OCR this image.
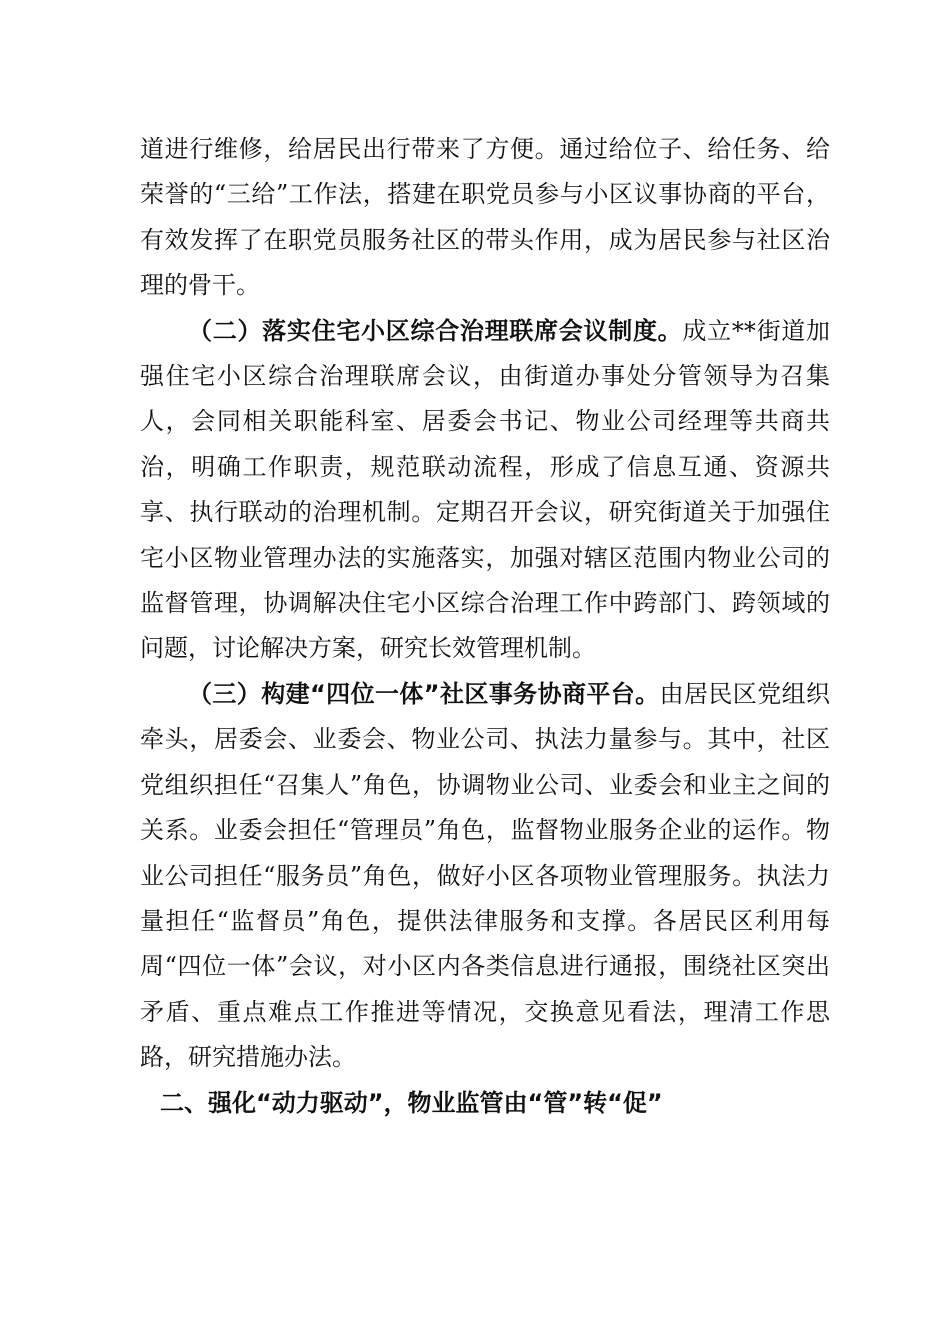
道进行维修，给居民出行带来了方便。通过给位子、给任务、给荣誉的“三给”工作法，搭建在职党员参与小区议事协商的平台，有效发挥了在职党员服务社区的带头作用，成为居民参与社区治理的骨干。

（二）落实住宅小区综合治理联席会议制度。成立**街道加强住宅小区综合治理联席会议，由街道办事处分管领导为召集人，会同相关职能科室、居委会书记、物业公司经理等共商共治，明确工作职责，规范联动流程，形成了信息互通、资源共享、执行联动的治理机制。定期召开会议，研究街道关于加强住宅小区物业管理办法的实施落实，加强对辖区范围内物业公司的监督管理，协调解决住宅小区综合治理工作中跨部门、跨领域的问题，讨论解决方案，研究长效管理机制。

（三）构建“四位一体”社区事务协商平台。由居民区党组织牵头，居委会、业委会、物业公司、执法力量参与。其中，社区党组织担任“召集人”角色，协调物业公司、业委会和业主之间的关系。业委会担任“管理员”角色，监督物业服务企业的运作。物业公司担任“服务员”角色，做好小区各项物业管理服务。执法力量担任“监督员”角色，提供法律服务和支撑。各居民区利用每周“四位一体”会议，对小区内各类信息进行通报，围绕社区突出矛盾、重点难点工作推进等情况，交换意见看法，理清工作思路，研究措施办法。

二、强化“动力驱动”，物业监管由“管”转“促”
